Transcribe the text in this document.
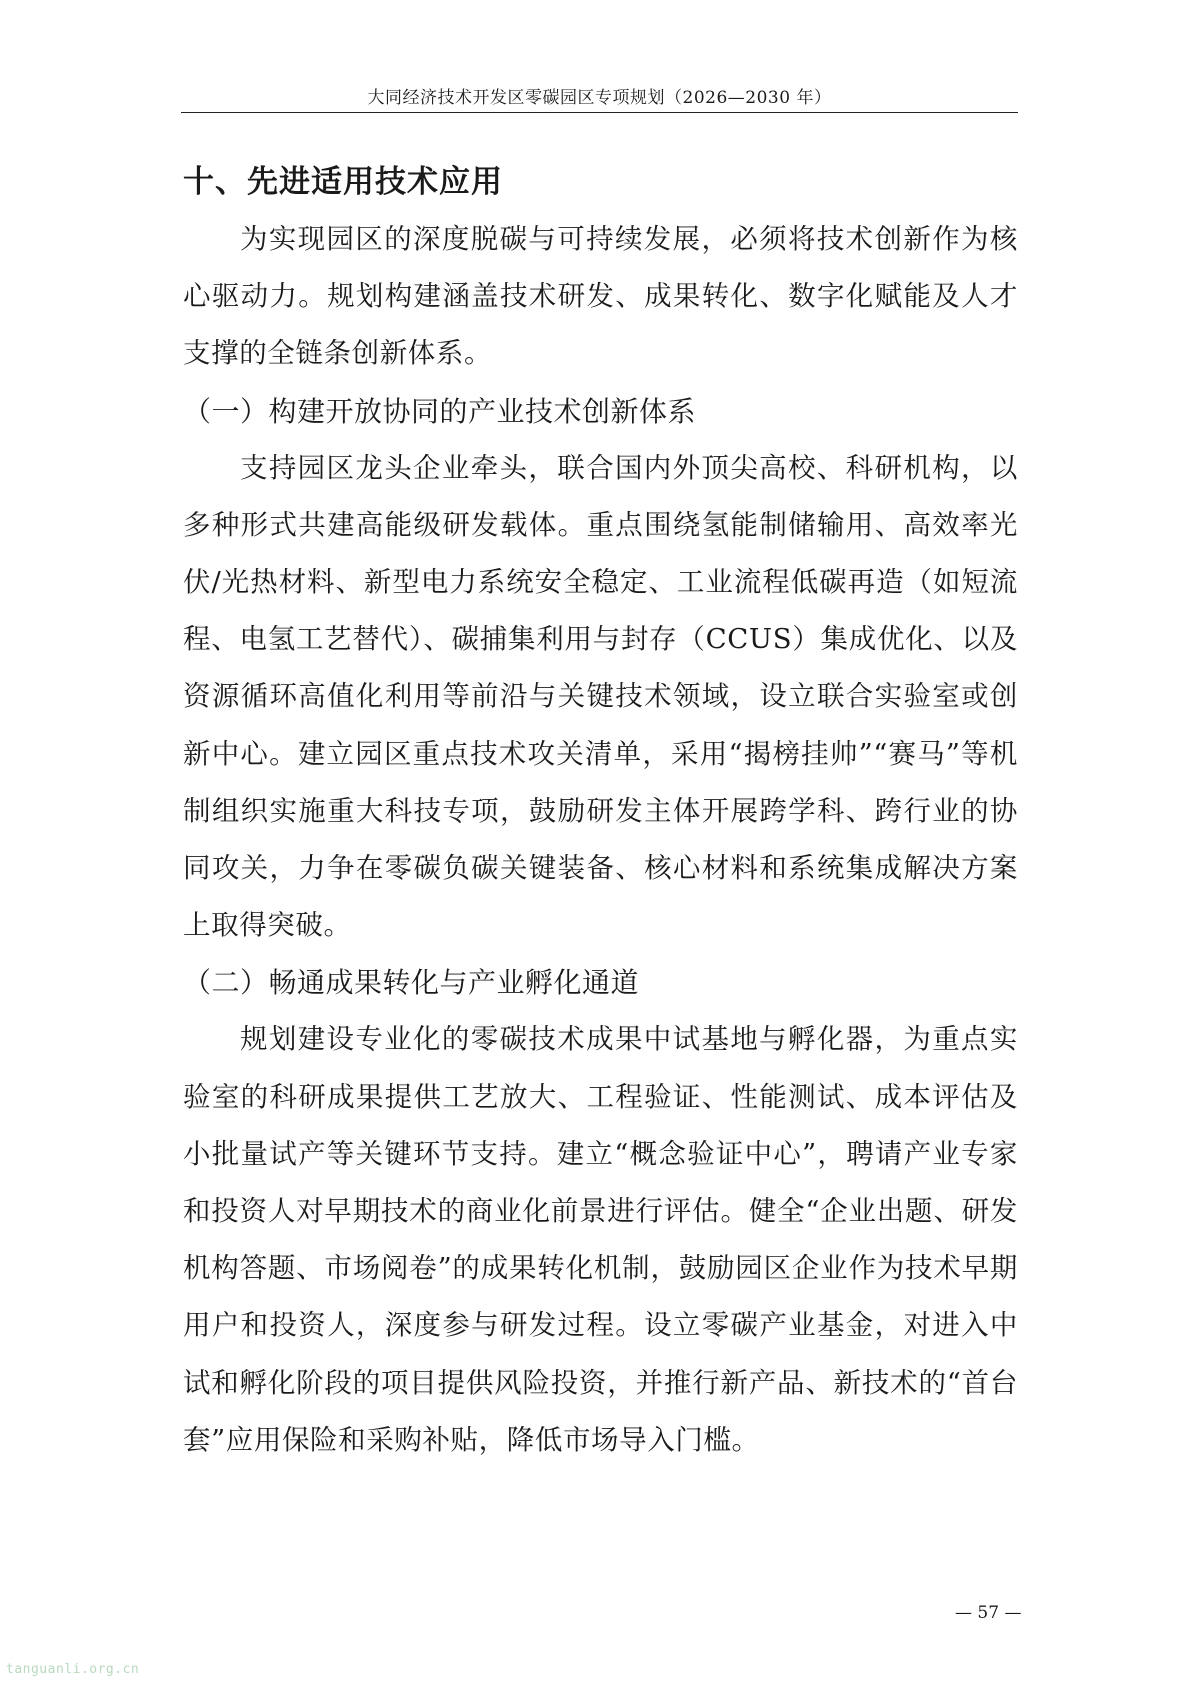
大同经济技术开发区零碳园区专项规划（2026—2030 年）
十、先进适用技术应用

为实现园区的深度脱碳与可持续发展，必须将技术创新作为核心驱动力。规划构建涵盖技术研发、成果转化、数字化赋能及人才支撑的全链条创新体系。

（一）构建开放协同的产业技术创新体系

支持园区龙头企业牵头，联合国内外顶尖高校、科研机构，以多种形式共建高能级研发载体。重点围绕氢能制储输用、高效率光伏/光热材料、新型电力系统安全稳定、工业流程低碳再造（如短流程、电氢工艺替代）、碳捕集利用与封存（CCUS）集成优化、以及资源循环高值化利用等前沿与关键技术领域，设立联合实验室或创新中心。建立园区重点技术攻关清单，采用“揭榜挂帅”“赛马”等机制组织实施重大科技专项，鼓励研发主体开展跨学科、跨行业的协同攻关，力争在零碳负碳关键装备、核心材料和系统集成解决方案上取得突破。

（二）畅通成果转化与产业孵化通道

规划建设专业化的零碳技术成果中试基地与孵化器，为重点实验室的科研成果提供工艺放大、工程验证、性能测试、成本评估及小批量试产等关键环节支持。建立“概念验证中心”，聘请产业专家和投资人对早期技术的商业化前景进行评估。健全“企业出题、研发机构答题、市场阅卷”的成果转化机制，鼓励园区企业作为技术早期用户和投资人，深度参与研发过程。设立零碳产业基金，对进入中试和孵化阶段的项目提供风险投资，并推行新产品、新技术的“首台套”应用保险和采购补贴，降低市场导入门槛。

— 57 —
tanguanli.org.cn
